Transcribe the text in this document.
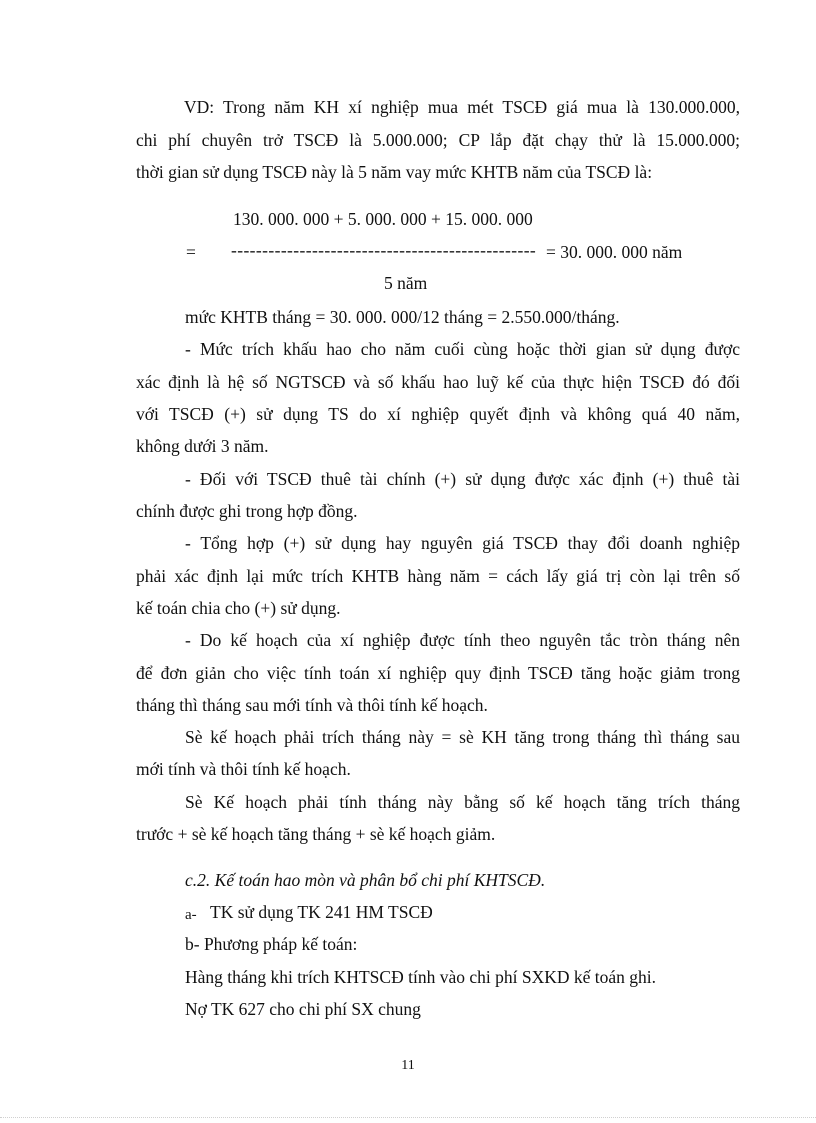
VD: Trong năm KH xí nghiệp mua mét TSCĐ giá mua là 130.000.000,
chi phí chuyên trở TSCĐ là 5.000.000; CP lắp đặt chạy thử là 15.000.000;
thời gian sử dụng TSCĐ này là 5 năm vay mức KHTB năm của TSCĐ là:
130. 000. 000 + 5. 000. 000 + 15. 000. 000
= ------------------------------------------------- = 30. 000. 000 năm
5 năm
mức KHTB tháng = 30. 000. 000/12 tháng = 2.550.000/tháng.
- Mức trích khấu hao cho năm cuối cùng hoặc thời gian sử dụng được
xác định là hệ số NGTSCĐ và số khấu hao luỹ kế của thực hiện TSCĐ đó đối
với TSCĐ (+) sử dụng TS do xí nghiệp quyết định và không quá 40 năm,
không dưới 3 năm.
- Đối với TSCĐ thuê tài chính (+) sử dụng được xác định (+) thuê tài
chính được ghi trong hợp đồng.
- Tổng hợp (+) sử dụng hay nguyên giá TSCĐ thay đổi doanh nghiệp
phải xác định lại mức trích KHTB hàng năm = cách lấy giá trị còn lại trên số
kế toán chia cho (+) sử dụng.
- Do kế hoạch của xí nghiệp được tính theo nguyên tắc tròn tháng nên
để đơn giản cho việc tính toán xí nghiệp quy định TSCĐ tăng hoặc giảm trong
tháng thì tháng sau mới tính và thôi tính kế hoạch.
Sè kế hoạch phải trích tháng này = sè KH tăng trong tháng thì tháng sau
mới tính và thôi tính kế hoạch.
Sè Kế hoạch phải tính tháng này bằng số kế hoạch tăng trích tháng
trước + sè kế hoạch tăng tháng + sè kế hoạch giảm.
c.2. Kế toán hao mòn và phân bổ chi phí KHTSCĐ.
a- TK sử dụng TK 241 HM TSCĐ
b- Phương pháp kế toán:
Hàng tháng khi trích KHTSCĐ tính vào chi phí SXKD kế toán ghi.
Nợ TK 627 cho chi phí SX chung
11
